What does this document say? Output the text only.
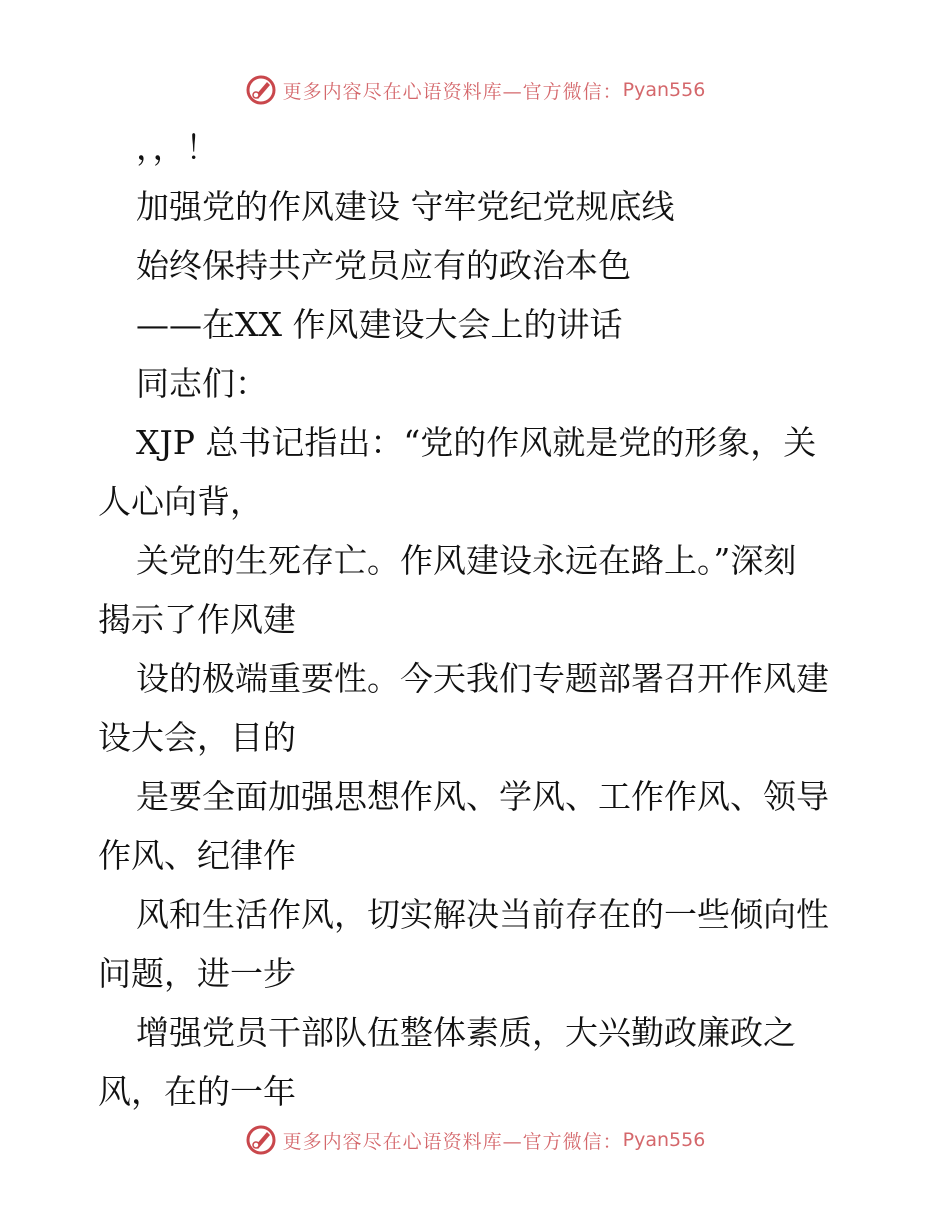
更多内容尽在心语资料库—官方微信： Pyan556
，，！
加强党的作风建设 守牢党纪党规底线
始终保持共产党员应有的政治本色
——在XX 作风建设大会上的讲话
同志们：
XJP 总书记指出：“党的作风就是党的形象，关
人心向背，
关党的生死存亡。作风建设永远在路上。”深刻
揭示了作风建
设的极端重要性。今天我们专题部署召开作风建
设大会，目的
是要全面加强思想作风、学风、工作作风、领导
作风、纪律作
风和生活作风，切实解决当前存在的一些倾向性
问题，进一步
增强党员干部队伍整体素质，大兴勤政廉政之
风，在的一年
更多内容尽在心语资料库—官方微信： Pyan556
